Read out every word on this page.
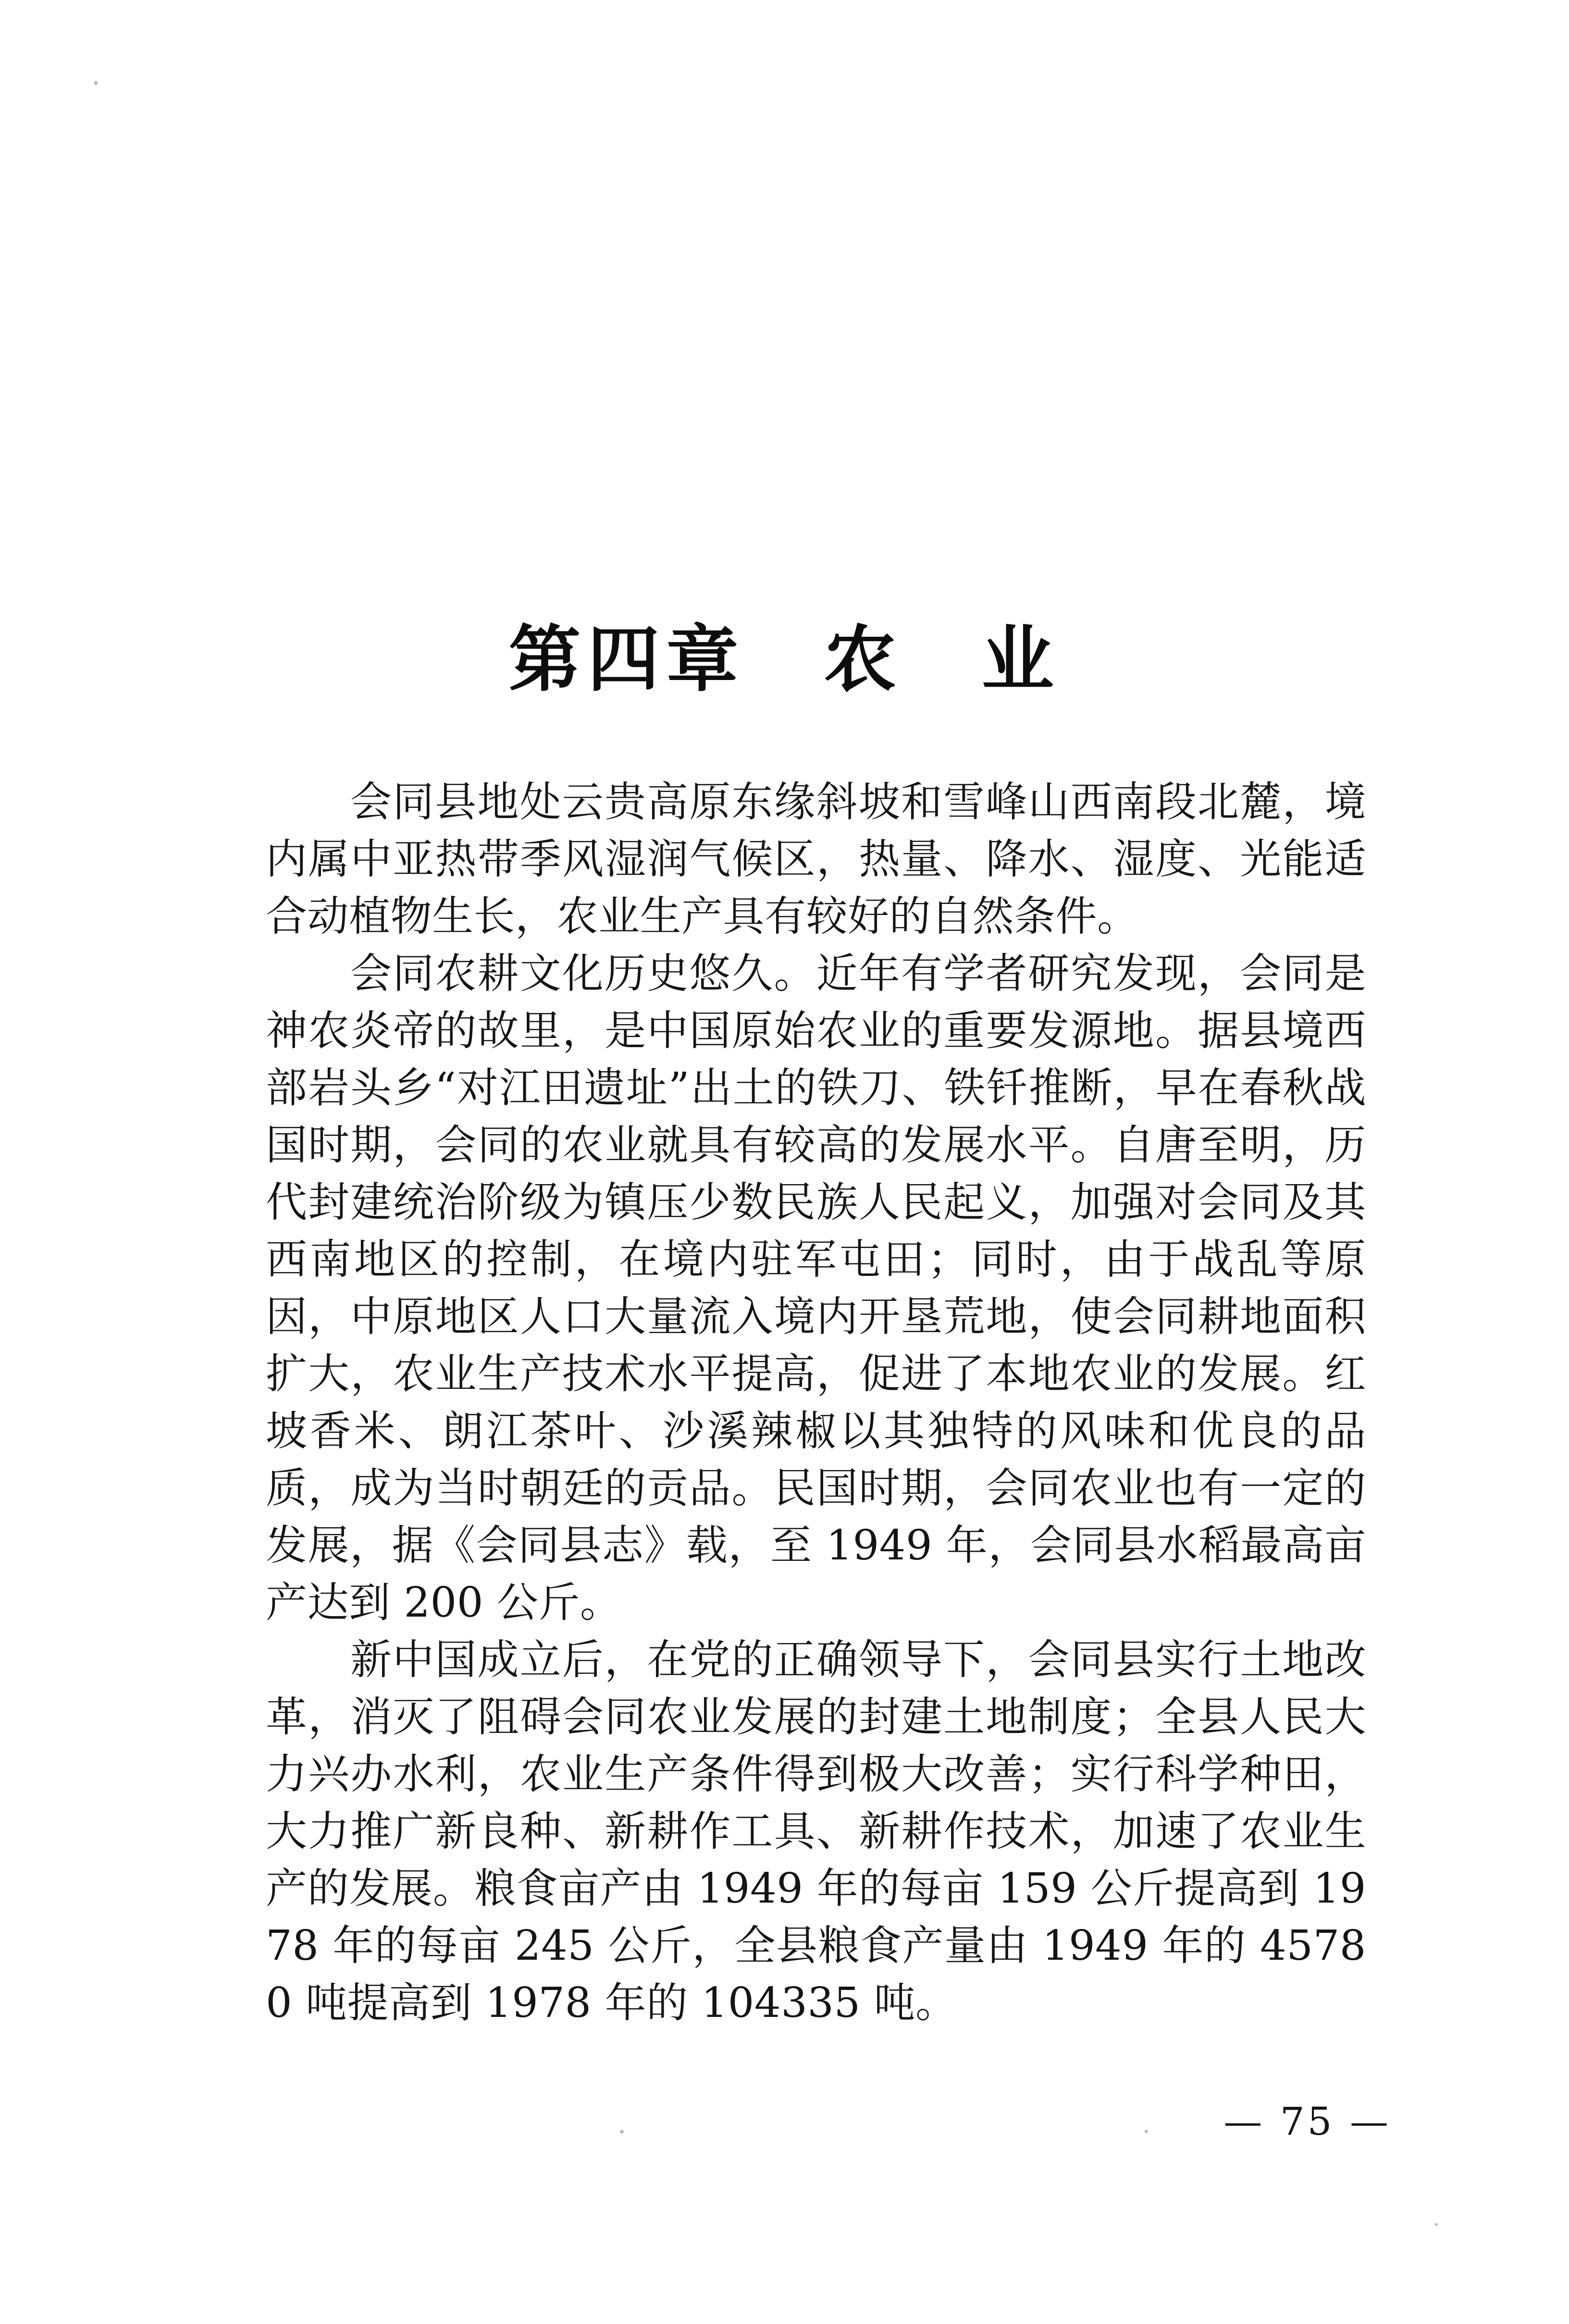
第四章　农　业

会同县地处云贵高原东缘斜坡和雪峰山西南段北麓，境内属中亚热带季风湿润气候区，热量、降水、湿度、光能适合动植物生长，农业生产具有较好的自然条件。

会同农耕文化历史悠久。近年有学者研究发现，会同是神农炎帝的故里，是中国原始农业的重要发源地。据县境西部岩头乡“对江田遗址”出土的铁刀、铁钎推断，早在春秋战国时期，会同的农业就具有较高的发展水平。自唐至明，历代封建统治阶级为镇压少数民族人民起义，加强对会同及其西南地区的控制，在境内驻军屯田；同时，由于战乱等原因，中原地区人口大量流入境内开垦荒地，使会同耕地面积扩大，农业生产技术水平提高，促进了本地农业的发展。红坡香米、朗江茶叶、沙溪辣椒以其独特的风味和优良的品质，成为当时朝廷的贡品。民国时期，会同农业也有一定的发展，据《会同县志》载，至 1949 年，会同县水稻最高亩产达到 200 公斤。

新中国成立后，在党的正确领导下，会同县实行土地改革，消灭了阻碍会同农业发展的封建土地制度；全县人民大力兴办水利，农业生产条件得到极大改善；实行科学种田，大力推广新良种、新耕作工具、新耕作技术，加速了农业生产的发展。粮食亩产由 1949 年的每亩 159 公斤提高到 1978 年的每亩 245 公斤，全县粮食产量由 1949 年的 45780 吨提高到 1978 年的 104335 吨。

— 75 —
